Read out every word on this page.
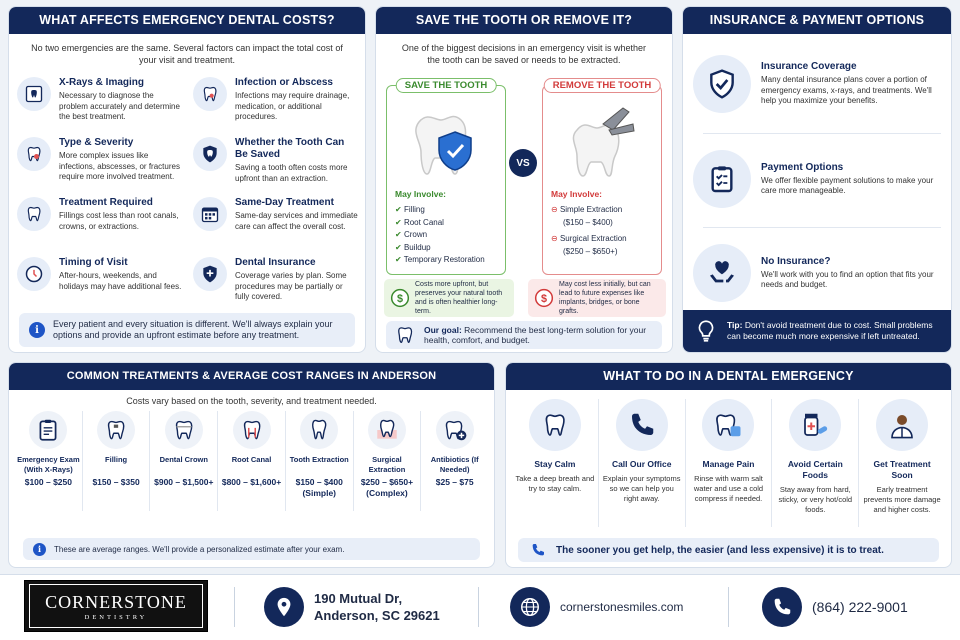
WHAT AFFECTS EMERGENCY DENTAL COSTS?
No two emergencies are the same. Several factors can impact the total cost of your visit and treatment.
X-Rays & Imaging
Necessary to diagnose the problem accurately and determine the best treatment.
Infection or Abscess
Infections may require drainage, medication, or additional procedures.
Type & Severity
More complex issues like infections, abscesses, or fractures require more involved treatment.
Whether the Tooth Can Be Saved
Saving a tooth often costs more upfront than an extraction.
Treatment Required
Fillings cost less than root canals, crowns, or extractions.
Same-Day Treatment
Same-day services and immediate care can affect the overall cost.
Timing of Visit
After-hours, weekends, and holidays may have additional fees.
Dental Insurance
Coverage varies by plan. Some procedures may be partially or fully covered.
i
Every patient and every situation is different. We'll always explain your options and provide an upfront estimate before any treatment.
SAVE THE TOOTH OR REMOVE IT?
One of the biggest decisions in an emergency visit is whether the tooth can be saved or needs to be extracted.
SAVE THE TOOTH
May Involve:
✔ Filling
✔ Root Canal
✔ Crown
✔ Buildup
✔ Temporary Restoration
VS
REMOVE THE TOOTH
May Involve:
⊖ Simple Extraction
($150 – $400)
⊖ Surgical Extraction
($250 – $650+)
$
Costs more upfront, but preserves your natural tooth and is often healthier long-term.
$
May cost less initially, but can lead to future expenses like implants, bridges, or bone grafts.
Our goal: Recommend the best long-term solution for your health, comfort, and budget.
INSURANCE & PAYMENT OPTIONS
Insurance Coverage
Many dental insurance plans cover a portion of emergency exams, x-rays, and treatments. We'll help you maximize your benefits.
Payment Options
We offer flexible payment solutions to make your care more manageable.
No Insurance?
We'll work with you to find an option that fits your needs and budget.
Tip: Don't avoid treatment due to cost. Small problems can become much more expensive if left untreated.
COMMON TREATMENTS & AVERAGE COST RANGES IN ANDERSON
Costs vary based on the tooth, severity, and treatment needed.
Emergency Exam (With X-Rays)
$100 – $250
Filling
$150 – $350
Dental Crown
$900 – $1,500+
Root Canal
$800 – $1,600+
Tooth Extraction
$150 – $400 (Simple)
Surgical Extraction
$250 – $650+ (Complex)
Antibiotics (If Needed)
$25 – $75
i	These are average ranges. We'll provide a personalized estimate after your exam.
WHAT TO DO IN A DENTAL EMERGENCY
Stay Calm
Take a deep breath and try to stay calm.
Call Our Office
Explain your symptoms so we can help you right away.
Manage Pain
Rinse with warm salt water and use a cold compress if needed.
Avoid Certain Foods
Stay away from hard, sticky, or very hot/cold foods.
Get Treatment Soon
Early treatment prevents more damage and higher costs.
The sooner you get help, the easier (and less expensive) it is to treat.
CORNERSTONE
DENTISTRY
190 Mutual Dr,
Anderson, SC 29621
cornerstonesmiles.com	(864) 222-9001
